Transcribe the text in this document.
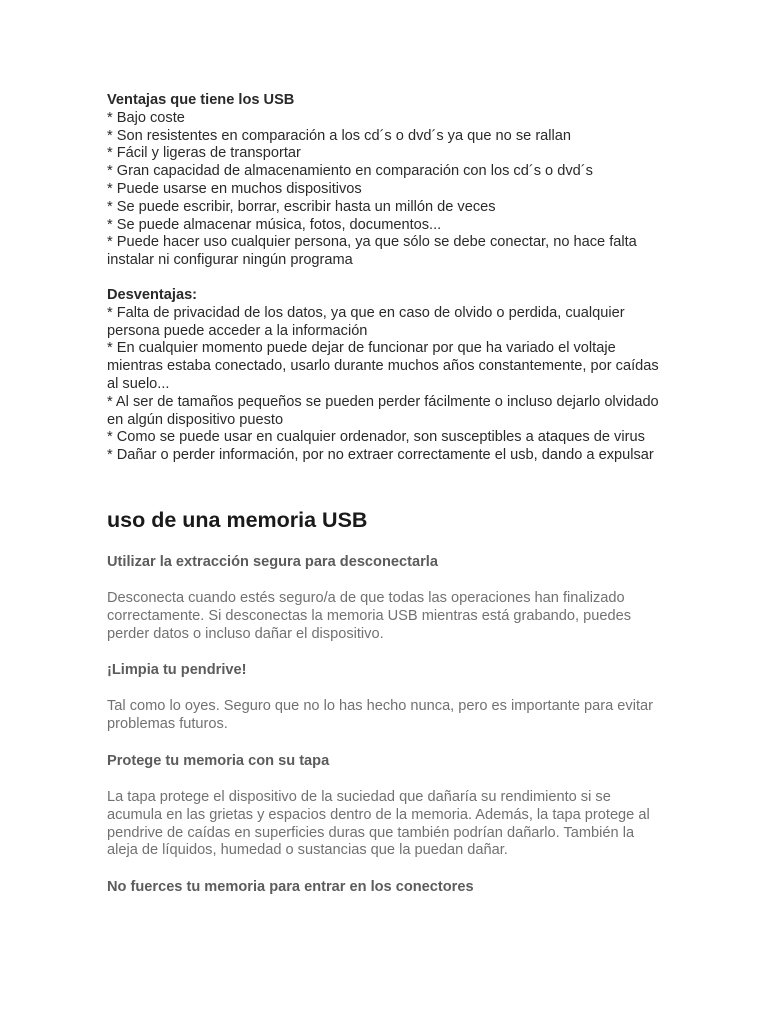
Ventajas que tiene los USB
* Bajo coste
* Son resistentes en comparación a los cd´s o dvd´s ya que no se rallan
* Fácil y ligeras de transportar
* Gran capacidad de almacenamiento en comparación con los cd´s o dvd´s
* Puede usarse en muchos dispositivos
* Se puede escribir, borrar, escribir hasta un millón de veces
* Se puede almacenar música, fotos, documentos...
* Puede hacer uso cualquier persona, ya que sólo se debe conectar, no hace falta instalar ni configurar ningún programa
Desventajas:
* Falta de privacidad de los datos, ya que en caso de olvido o perdida, cualquier persona puede acceder a la información
* En cualquier momento puede dejar de funcionar por que ha variado el voltaje mientras estaba conectado, usarlo durante muchos años constantemente, por caídas al suelo...
* Al ser de tamaños pequeños se pueden perder fácilmente o incluso dejarlo olvidado en algún dispositivo puesto
* Como se puede usar en cualquier ordenador, son susceptibles a ataques de virus
* Dañar o perder información, por no extraer correctamente el usb, dando a expulsar
uso de una memoria USB

Utilizar la extracción segura para desconectarla

Desconecta cuando estés seguro/a de que todas las operaciones han finalizado correctamente. Si desconectas la memoria USB mientras está grabando, puedes perder datos o incluso dañar el dispositivo.

¡Limpia tu pendrive!

Tal como lo oyes. Seguro que no lo has hecho nunca, pero es importante para evitar problemas futuros.

Protege tu memoria con su tapa

La tapa protege el dispositivo de la suciedad que dañaría su rendimiento si se acumula en las grietas y espacios dentro de la memoria. Además, la tapa protege al pendrive de caídas en superficies duras que también podrían dañarlo. También la aleja de líquidos, humedad o sustancias que la puedan dañar.

No fuerces tu memoria para entrar en los conectores
